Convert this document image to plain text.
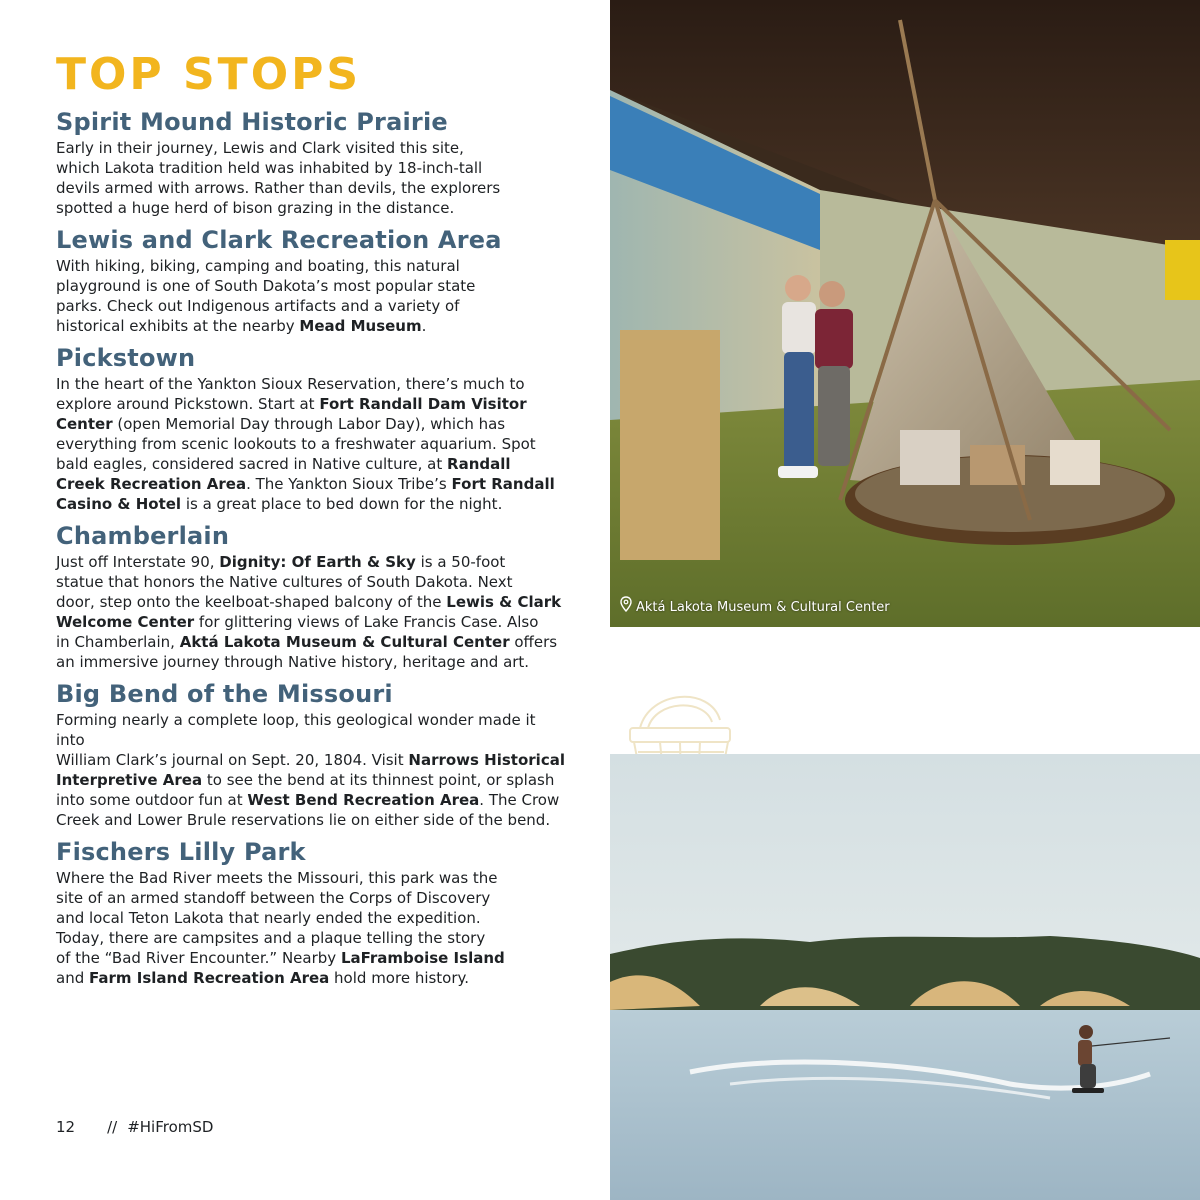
TOP STOPS
Spirit Mound Historic Prairie

Early in their journey, Lewis and Clark visited this site,
which Lakota tradition held was inhabited by 18-inch-tall
devils armed with arrows. Rather than devils, the explorers
spotted a huge herd of bison grazing in the distance.

Lewis and Clark Recreation Area

With hiking, biking, camping and boating, this natural
playground is one of South Dakota’s most popular state
parks. Check out Indigenous artifacts and a variety of
historical exhibits at the nearby Mead Museum.

Pickstown

In the heart of the Yankton Sioux Reservation, there’s much to
explore around Pickstown. Start at Fort Randall Dam Visitor
Center (open Memorial Day through Labor Day), which has
everything from scenic lookouts to a freshwater aquarium. Spot
bald eagles, considered sacred in Native culture, at Randall
Creek Recreation Area. The Yankton Sioux Tribe’s Fort Randall
Casino & Hotel is a great place to bed down for the night.

Chamberlain

Just off Interstate 90, Dignity: Of Earth & Sky is a 50-foot
statue that honors the Native cultures of South Dakota. Next
door, step onto the keelboat-shaped balcony of the Lewis & Clark
Welcome Center for glittering views of Lake Francis Case. Also
in Chamberlain, Aktá Lakota Museum & Cultural Center offers
an immersive journey through Native history, heritage and art.

Big Bend of the Missouri

Forming nearly a complete loop, this geological wonder made it into
William Clark’s journal on Sept. 20, 1804. Visit Narrows Historical
Interpretive Area to see the bend at its thinnest point, or splash
into some outdoor fun at West Bend Recreation Area. The Crow
Creek and Lower Brule reservations lie on either side of the bend.

Fischers Lilly Park

Where the Bad River meets the Missouri, this park was the
site of an armed standoff between the Corps of Discovery
and local Teton Lakota that nearly ended the expedition.
Today, there are campsites and a plaque telling the story
of the “Bad River Encounter.” Nearby LaFramboise Island
and Farm Island Recreation Area hold more history.

12 // #HiFromSD
Aktá Lakota Museum & Cultural Center
